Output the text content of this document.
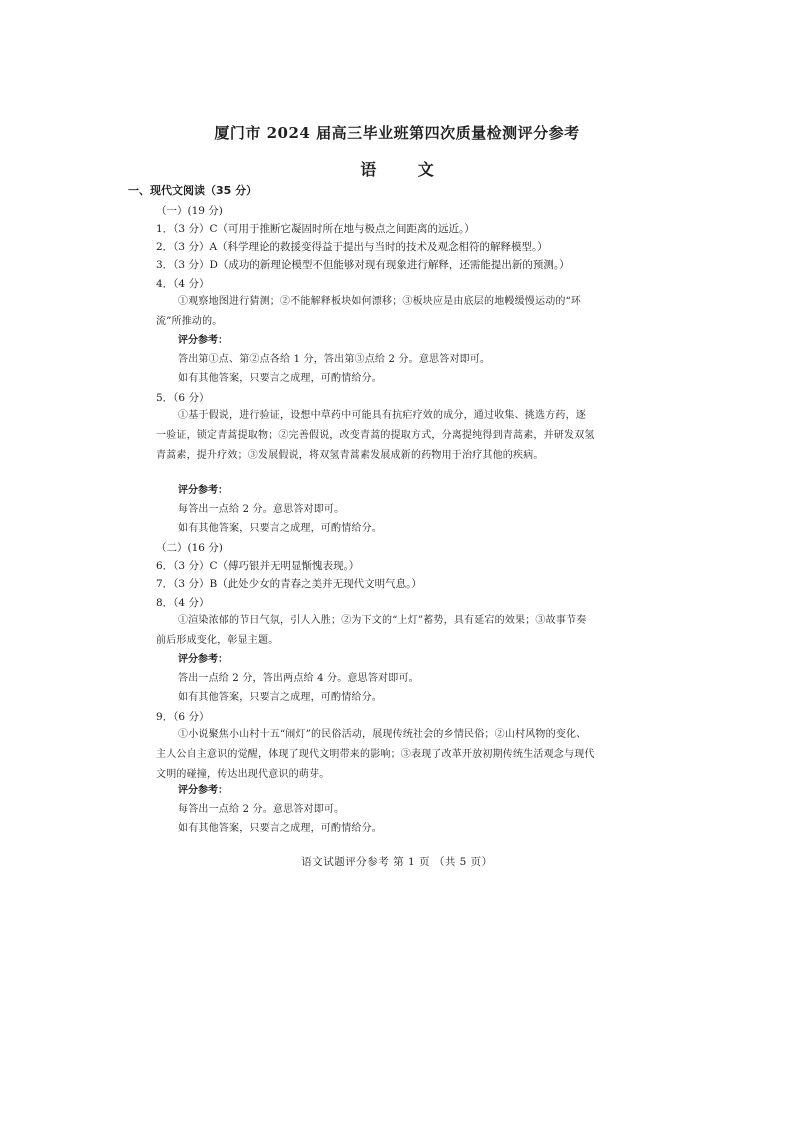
厦门市 2024 届高三毕业班第四次质量检测评分参考
语 文
一、现代文阅读（35 分）
（一）(19 分)
1．（3 分）C（可用于推断它凝固时所在地与极点之间距离的远近。）
2．（3 分）A（科学理论的救援变得益于提出与当时的技术及观念相符的解释模型。）
3．（3 分）D（成功的新理论模型不但能够对现有现象进行解释，还需能提出新的预测。）
4．（4 分）
①观察地图进行猜测；②不能解释板块如何漂移；③板块应是由底层的地幔缓慢运动的“环流”所推动的。
评分参考：
答出第①点、第②点各给 1 分，答出第③点给 2 分。意思答对即可。
如有其他答案，只要言之成理，可酌情给分。
5．（6 分）
①基于假说，进行验证，设想中草药中可能具有抗疟疗效的成分，通过收集、挑选方药，逐一验证，锁定青蒿提取物；②完善假说，改变青蒿的提取方式，分离提纯得到青蒿素，并研发双氢青蒿素，提升疗效；③发展假说，将双氢青蒿素发展成新的药物用于治疗其他的疾病。
评分参考：
每答出一点给 2 分。意思答对即可。
如有其他答案，只要言之成理，可酌情给分。
（二）(16 分)
6．（3 分）C（傅巧银并无明显惭愧表现。）
7．（3 分）B（此处少女的青春之美并无现代文明气息。）
8．（4 分）
①渲染浓郁的节日气氛，引人入胜；②为下文的“上灯”蓄势，具有延宕的效果；③故事节奏前后形成变化，彰显主题。
评分参考：
答出一点给 2 分，答出两点给 4 分。意思答对即可。
如有其他答案，只要言之成理，可酌情给分。
9．（6 分）
①小说聚焦小山村十五“闹灯”的民俗活动，展现传统社会的乡情民俗；②山村风物的变化、主人公自主意识的觉醒，体现了现代文明带来的影响；③表现了改革开放初期传统生活观念与现代文明的碰撞，传达出现代意识的萌芽。
评分参考：
每答出一点给 2 分。意思答对即可。
如有其他答案，只要言之成理，可酌情给分。
语文试题评分参考 第 1 页 （共 5 页）
